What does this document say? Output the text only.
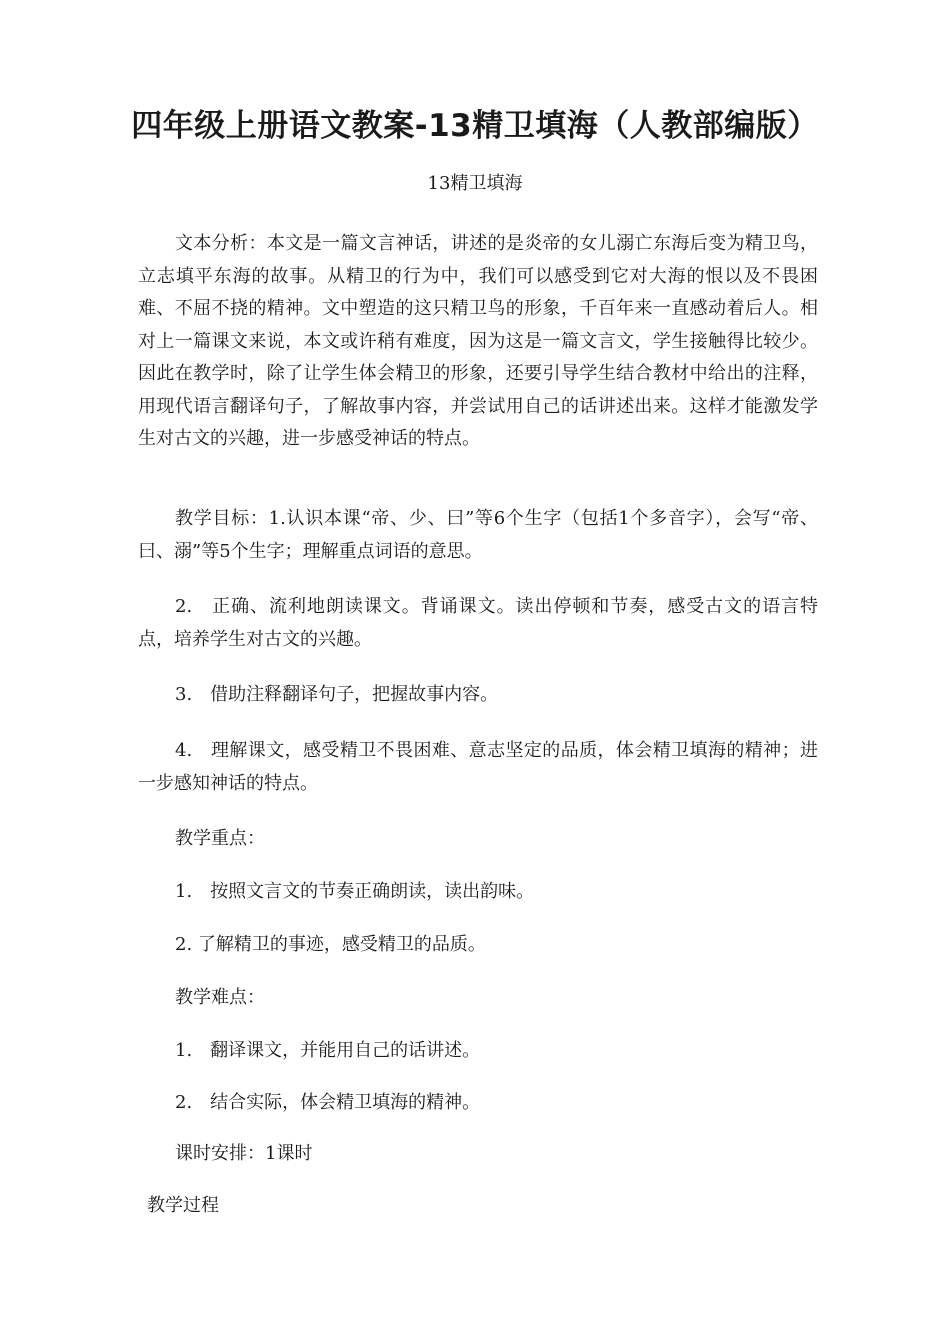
四年级上册语文教案-13精卫填海（人教部编版）
13精卫填海

文本分析：本文是一篇文言神话，讲述的是炎帝的女儿溺亡东海后变为精卫鸟，立志填平东海的故事。从精卫的行为中，我们可以感受到它对大海的恨以及不畏困难、不屈不挠的精神。文中塑造的这只精卫鸟的形象，千百年来一直感动着后人。相对上一篇课文来说，本文或许稍有难度，因为这是一篇文言文，学生接触得比较少。因此在教学时，除了让学生体会精卫的形象，还要引导学生结合教材中给出的注释，用现代语言翻译句子，了解故事内容，并尝试用自己的话讲述出来。这样才能激发学生对古文的兴趣，进一步感受神话的特点。

教学目标：1.认识本课“帝、少、曰”等6个生字（包括1个多音字），会写“帝、曰、溺”等5个生字；理解重点词语的意思。

2.　正确、流利地朗读课文。背诵课文。读出停顿和节奏，感受古文的语言特点，培养学生对古文的兴趣。

3.　借助注释翻译句子，把握故事内容。

4.　理解课文，感受精卫不畏困难、意志坚定的品质，体会精卫填海的精神；进一步感知神话的特点。

教学重点：

1.　按照文言文的节奏正确朗读，读出韵味。

2. 了解精卫的事迹，感受精卫的品质。

教学难点：

1.　翻译课文，并能用自己的话讲述。

2.　结合实际，体会精卫填海的精神。

课时安排：1课时

教学过程
